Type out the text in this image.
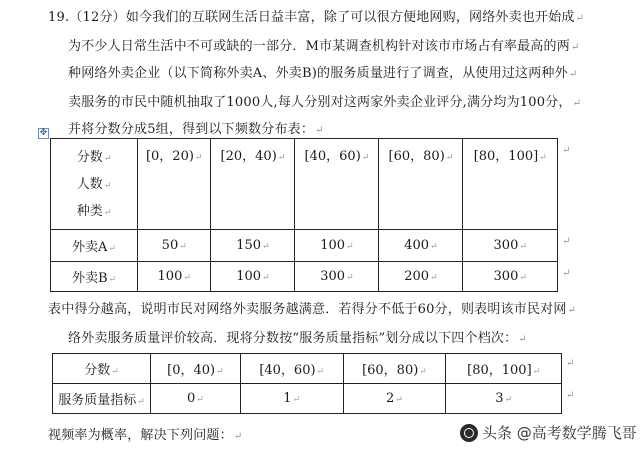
19.（12分）如今我们的互联网生活日益丰富，除了可以很方便地网购，网络外卖也开始成↵
为不少人日常生活中不可或缺的一部分．M市某调查机构针对该市市场占有率最高的两↵
种网络外卖企业（以下简称外卖A、外卖B)的服务质量进行了调查，从使用过这两种外↵
卖服务的市民中随机抽取了1000人,每人分别对这两家外卖企业评分,满分均为100分，↵
并将分数分成5组，得到以下频数分布表：↵
✥
分数↵
人数↵
种类↵	[0，20)↵	[20，40)↵	[40，60)↵	[60，80)↵	[80，100]↵
外卖A↵	50↵	150↵	100↵	400↵	300↵
外卖B↵	100↵	100↵	300↵	200↵	300↵
↵
↵
↵
表中得分越高，说明市民对网络外卖服务越满意．若得分不低于60分，则表明该市民对网↵
络外卖服务质量评价较高．现将分数按“服务质量指标”划分成以下四个档次：↵
分数↵	[0，40)↵	[40，60)↵	[60，80)↵	[80，100]↵
服务质量指标↵	0↵	1↵	2↵	3↵
↵
↵
视频率为概率，解决下列问题：↵	头条 @高考数学腾飞哥
